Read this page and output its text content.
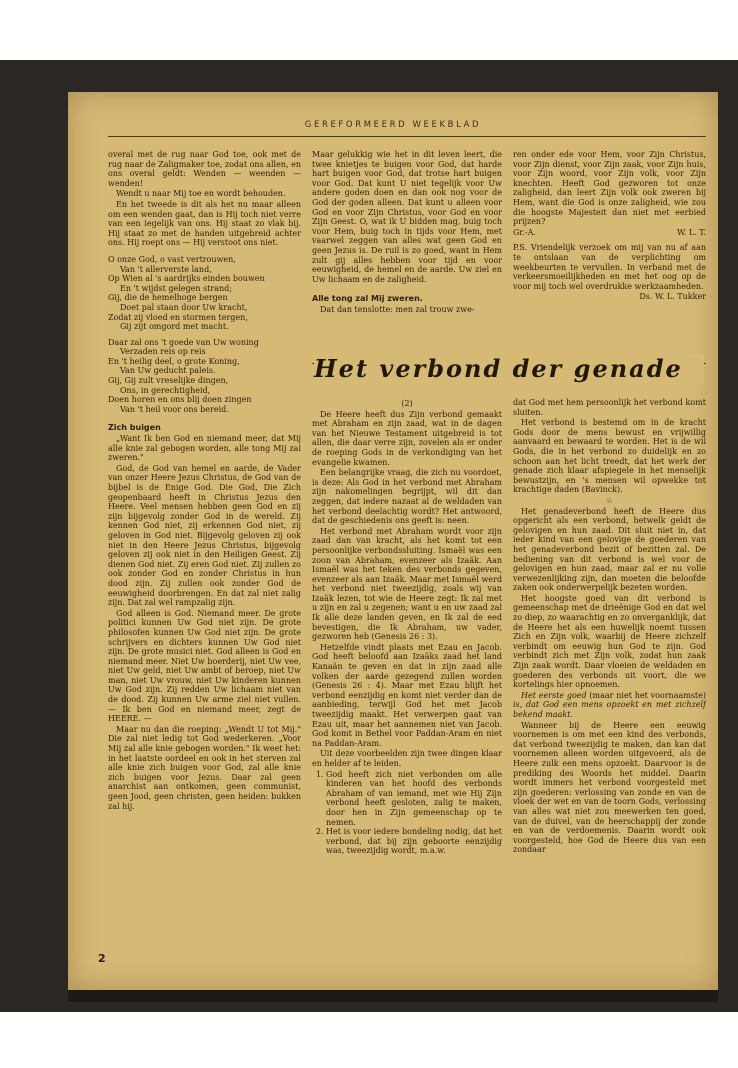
GEREFORMEERD WEEKBLAD

overal met de rug naar God toe, ook met de rug naar de Zaligmaker toe, zodat ons allen, en ons overal geldt: Wenden — weenden — wenden!

Wendt u naar Mij toe en wordt behouden.

En het tweede is dit als het nu maar alleen om een wenden gaat, dan is Hij toch niet verre van een iegelijk van ons. Hij staat zo vlak bij. Hij staat zo met de handen uitgebreid achter ons. Hij roept ons — Hij verstoot ons niet.

O onze God, o vast vertrouwen,
Van 't allerverste land,
Op Wien al 's aardrijks einden bouwen
En 't wijdst gelegen strand;
Gij, die de hemelhoge bergen
Doet pal staan door Uw kracht,
Zodat zij vloed en stormen tergen,
Gij zijt omgord met macht.
Daar zal ons 't goede van Uw woning
Verzaden reis op reis
En 't heilig deel, o grote Koning,
Van Uw geducht paleis.
Gij, Gij zult vreselijke dingen,
Ons, in gerechtigheid,
Doen horen en ons blij doen zingen
Van 't heil voor ons bereid.
Zich buigen

„Want Ik ben God en niemand meer, dat Mij alle knie zal gebogen worden, alle tong Mij zal zweren."

God, de God van hemel en aarde, de Vader van onzer Heere Jezus Christus, de God van de bijbel is de Enige God. Die God, Die Zich geopenbaard heeft in Christus Jezus den Heere. Veel mensen hebben geen God en zij zijn bijgevolg zonder God in de wereld. Zij kennen God niet, zij erkennen God niet, zij geloven in God niet. Bijgevolg geloven zij ook niet in den Heere Jezus Christus, bijgevolg geloven zij ook niet in den Heiligen Geest. Zij dienen God niet. Zij eren God niet. Zij zullen zo ook zonder God en zonder Christus in hun dood zijn. Zij zullen ook zonder God de eeuwigheid doorbrengen. En dat zal niet zalig zijn. Dat zal wel rampzalig zijn.

God alleen is God. Niemand meer. De grote politici kunnen Uw God niet zijn. De grote philosofen kunnen Uw God niet zijn. De grote schrijvers en dichters kunnen Uw God niet zijn. De grote musici niet. God alleen is God en niemand meer. Niet Uw boerderij, niet Uw vee, niet Uw geld, niet Uw ambt of beroep, niet Uw man, niet Uw vrouw, niet Uw kinderen kunnen Uw God zijn. Zij redden Uw lichaam niet van de dood. Zij kunnen Uw arme ziel niet vullen. — Ik ben God en niemand meer, zegt de HEERE. —

Maar nu dan die roeping: „Wendt U tot Mij." Die zal niet ledig tot God wederkeren. „Voor Mij zal alle knie gebogen worden." Ik weet het: in het laatste oordeel en ook in het sterven zal alle knie zich buigen voor God, zal alle knie zich buigen voor Jezus. Daar zal geen anarchist aan ontkomen, geen communist, geen Jood, geen christen, geen heiden: bukken zal hij.

Maar gelukkig wie het in dit leven leert, die twee knietjes te buigen voor God, dat harde hart buigen voor God, dat trotse hart buigen voor God. Dat kunt U niet tegelijk voor Uw andere goden doen en dan ook nog voor de God der goden alleen. Dat kunt u alleen voor God en voor Zijn Christus, voor God en voor Zijn Geest. O, wat ik U bidden mag, buig toch voor Hem, buig toch in tijds voor Hem, met vaarwel zeggen van alles wat geen God en geen Jezus is. De ruil is zo goed, want in Hem zult gij alles hebben voor tijd en voor eeuwigheid, de hemel en de aarde. Uw ziel en Uw lichaam en de zaligheid.

Alle tong zal Mij zweren.

Dat dan tenslotte: men zal trouw zwe-

ren onder ede voor Hem, voor Zijn Christus, voor Zijn dienst, voor Zijn zaak, voor Zijn huis, voor Zijn woord, voor Zijn volk, voor Zijn knechten. Heeft God gezworen tot onze zaligheid, dan leert Zijn volk ook zweren bij Hem, want die God is onze zaligheid, wie zou die hoogste Majesteit dan niet met eerbied prijzen?

Gr.-A.	W. L. T.

P.S. Vriendelijk verzoek om mij van nu af aan te ontslaan van de verplichting om weekbeurten te vervullen. In verband met de verkeersmoeilijkheden en met het oog op de voor mij toch wel overdrukke werkzaamheden.

Ds. W. L. Tukker
Het verbond der genade

(2)

De Heere heeft dus Zijn verbond gemaakt met Abraham en zijn zaad, wat in de dagen van het Nieuwe Testament uitgebreid is tot allen, die daar verre zijn, zovelen als er onder de roeping Gods in de verkondiging van het evangelie kwamen.

Een belangrijke vraag, die zich nu voordoet, is deze: Als God in het verbond met Abraham zijn nakomelingen begrijpt, wil dit dan zeggen, dat iedere nazaat al de weldaden van het verbond deelachtig wordt? Het antwoord, dat de geschiedenis ons geeft is: neen.

Het verbond met Abraham wordt voor zijn zaad dan van kracht, als het komt tot een persoonlijke verbondssluiting. Ismaël was een zoon van Abraham, evenzeer als Izaäk. Aan Ismaël was het teken des verbonds gegeven, evenzeer als aan Izaäk. Maar met Ismaël werd het verbond niet tweezijdig, zoals wij van Izaäk lezen, tot wie de Heere zegt: Ik zal met u zijn en zal u zegenen; want u en uw zaad zal Ik alle deze landen geven, en Ik zal de eed bevestigen, die Ik Abraham, uw vader, gezworen heb (Genesis 26 : 3).

Hetzelfde vindt plaats met Ezau en Jacob. God heeft beloofd aan Izaäks zaad het land Kanaän te geven en dat in zijn zaad alle volken der aarde gezegend zullen worden (Genesis 26 : 4). Maar met Ezau blijft het verbond eenzijdig en komt niet verder dan de aanbieding, terwijl God het met Jacob tweezijdig maakt. Het verwerpen gaat van Ezau uit, maar het aannemen niet van Jacob. God komt in Bethel voor Paddan-Aram en niet na Paddan-Aram.

Uit deze voorbeelden zijn twee dingen klaar en helder af te leiden.

1. God heeft zich niet verbonden om alle kinderen van het hoofd des verbonds Abraham of van iemand, met wie Hij Zijn verbond heeft gesloten, zalig te maken, door hen in Zijn gemeenschap op te nemen.
2. Het is voor iedere bondeling nodig, dat het verbond, dat bij zijn geboorte eenzijdig was, tweezijdig wordt, m.a.w.

dat God met hem persoonlijk het verbond komt sluiten.

Het verbond is bestemd om in de kracht Gods door de mens bewust en vrijwillig aanvaard en bewaard te worden. Het is de wil Gods, die in het verbond zo duidelijk en zo schoon aan het licht treedt, dat het werk der genade zich klaar afspiegele in het menselijk bewustzijn, en 's mensen wil opwekke tot krachtige daden (Bavinck).

☆

Het genadeverbond heeft de Heere dus opgericht als een verbond, hetwelk geldt de gelovigen en hun zaad. Dit sluit niet in, dat ieder kind van een gelovige de goederen van het genadeverbond bezit of bezitten zal. De bediening van dit verbond is wel voor de gelovigen en hun zaad, maar zal er nu volle verwezenlijking zijn, dan moeten die beloofde zaken ook onderwerpelijk bezeten worden.

Het hoogste goed van dit verbond is gemeenschap met de drieënige God en dat wel zo diep, zo waarachtig en zo onverganklijk, dat de Heere het als een huwelijk noemt tussen Zich en Zijn volk, waarbij de Heere zichzelf verbindt om eeuwig hun God te zijn. God verbindt zich met Zijn volk, zodat hun zaak Zijn zaak wordt. Daar vloeien de weldaden en goederen des verbonds uit voort, die we kortelings hier opnoemen.

Het eerste goed (maar niet het voornaamste) is, dat God een mens opzoekt en met zichzelf bekend maakt.

Wanneer bij de Heere een eeuwig voornemen is om met een kind des verbonds, dat verbond tweezijdig te maken, dan kan dat voornemen alleen worden uitgevoerd, als de Heere zulk een mens opzoekt. Daarvoor is de prediking des Woords het middel. Daarin wordt immers het verbond voorgesteld met zijn goederen: verlossing van zonde en van de vloek der wet en van de toorn Gods, verlossing van alles wat niet zou meewerken ten goed, van de duivel, van de heerschappij der zonde en van de verdoemenis. Daarin wordt ook voorgesteld, hoe God de Heere dus van een zondaar

2
